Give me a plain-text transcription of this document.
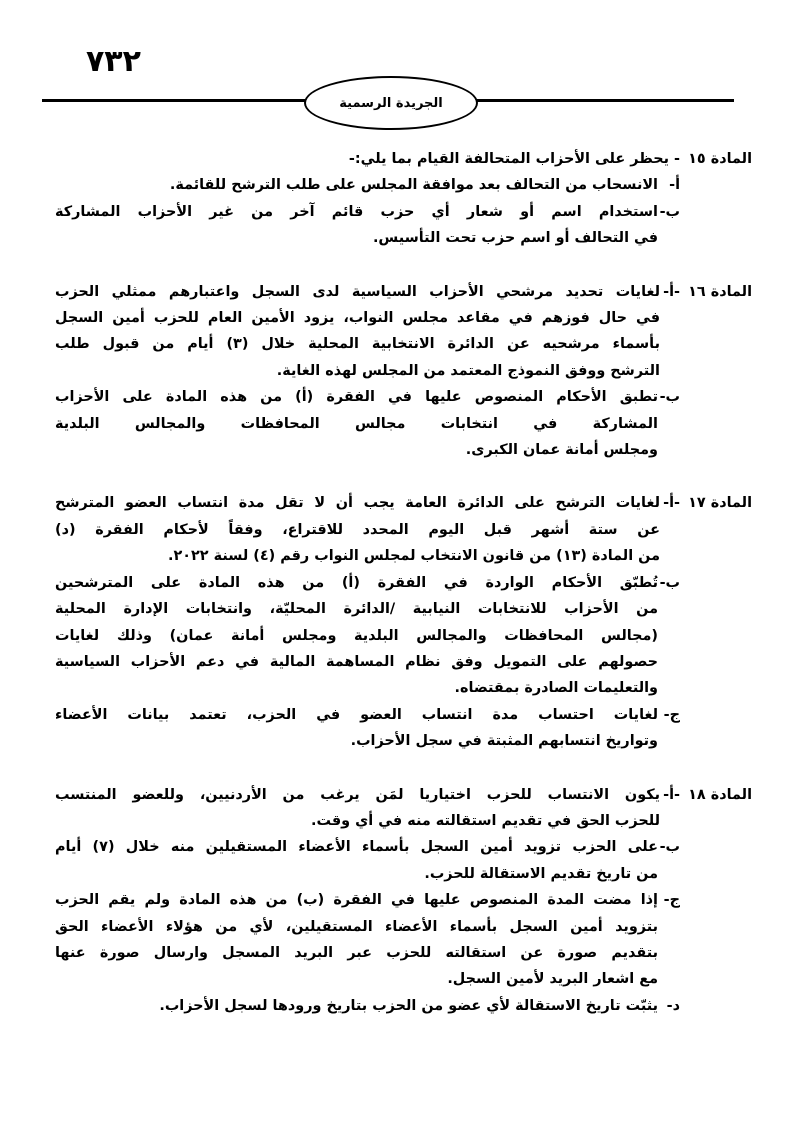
٧٣٢
الجريدة الرسمية
المادة ١٥
- يحظر على الأحزاب المتحالفة القيام بما يلي:-
أ-
الانسحاب من التحالف بعد موافقة المجلس على طلب الترشح للقائمة.
ب-
استخدام اسم أو شعار أي حزب قائم آخر من غير الأحزاب المشاركة
في التحالف أو اسم حزب تحت التأسيس.
المادة ١٦
-أ-
لغايات تحديد مرشحي الأحزاب السياسية لدى السجل واعتبارهم ممثلي الحزب
في حال فوزهم في مقاعد مجلس النواب، يزود الأمين العام للحزب أمين السجل
بأسماء مرشحيه عن الدائرة الانتخابية المحلية خلال (٣) أيام من قبول طلب
الترشح ووفق النموذج المعتمد من المجلس لهذه الغاية.
ب-
تطبق الأحكام المنصوص عليها في الفقرة (أ) من هذه المادة على الأحزاب
المشاركة في انتخابات مجالس المحافظات والمجالس البلدية
ومجلس أمانة عمان الكبرى.
المادة ١٧
-أ-
لغايات الترشح على الدائرة العامة يجب أن لا تقل مدة انتساب العضو المترشح
عن ستة أشهر قبل اليوم المحدد للاقتراع، وفقاً لأحكام الفقرة (د)
من المادة (١٣) من قانون الانتخاب لمجلس النواب رقم (٤) لسنة ٢٠٢٢.
ب-
تُطبّق الأحكام الواردة في الفقرة (أ) من هذه المادة على المترشحين
من الأحزاب للانتخابات النيابية /الدائرة المحليّة، وانتخابات الإدارة المحلية
(مجالس المحافظات والمجالس البلدية ومجلس أمانة عمان) وذلك لغايات
حصولهم على التمويل وفق نظام المساهمة المالية في دعم الأحزاب السياسية
والتعليمات الصادرة بمقتضاه.
ج-
لغايات احتساب مدة انتساب العضو في الحزب، تعتمد بيانات الأعضاء
وتواريخ انتسابهم المثبتة في سجل الأحزاب.
المادة ١٨
-أ-
يكون الانتساب للحزب اختياريا لمَن يرغب من الأردنيين، وللعضو المنتسب
للحزب الحق في تقديم استقالته منه في أي وقت.
ب-
على الحزب تزويد أمين السجل بأسماء الأعضاء المستقيلين منه خلال (٧) أيام
من تاريخ تقديم الاستقالة للحزب.
ج-
إذا مضت المدة المنصوص عليها في الفقرة (ب) من هذه المادة ولم يقم الحزب
بتزويد أمين السجل بأسماء الأعضاء المستقيلين، لأي من هؤلاء الأعضاء الحق
بتقديم صورة عن استقالته للحزب عبر البريد المسجل وارسال صورة عنها
مع اشعار البريد لأمين السجل.
د-
يثبّت تاريخ الاستقالة لأي عضو من الحزب بتاريخ ورودها لسجل الأحزاب.
